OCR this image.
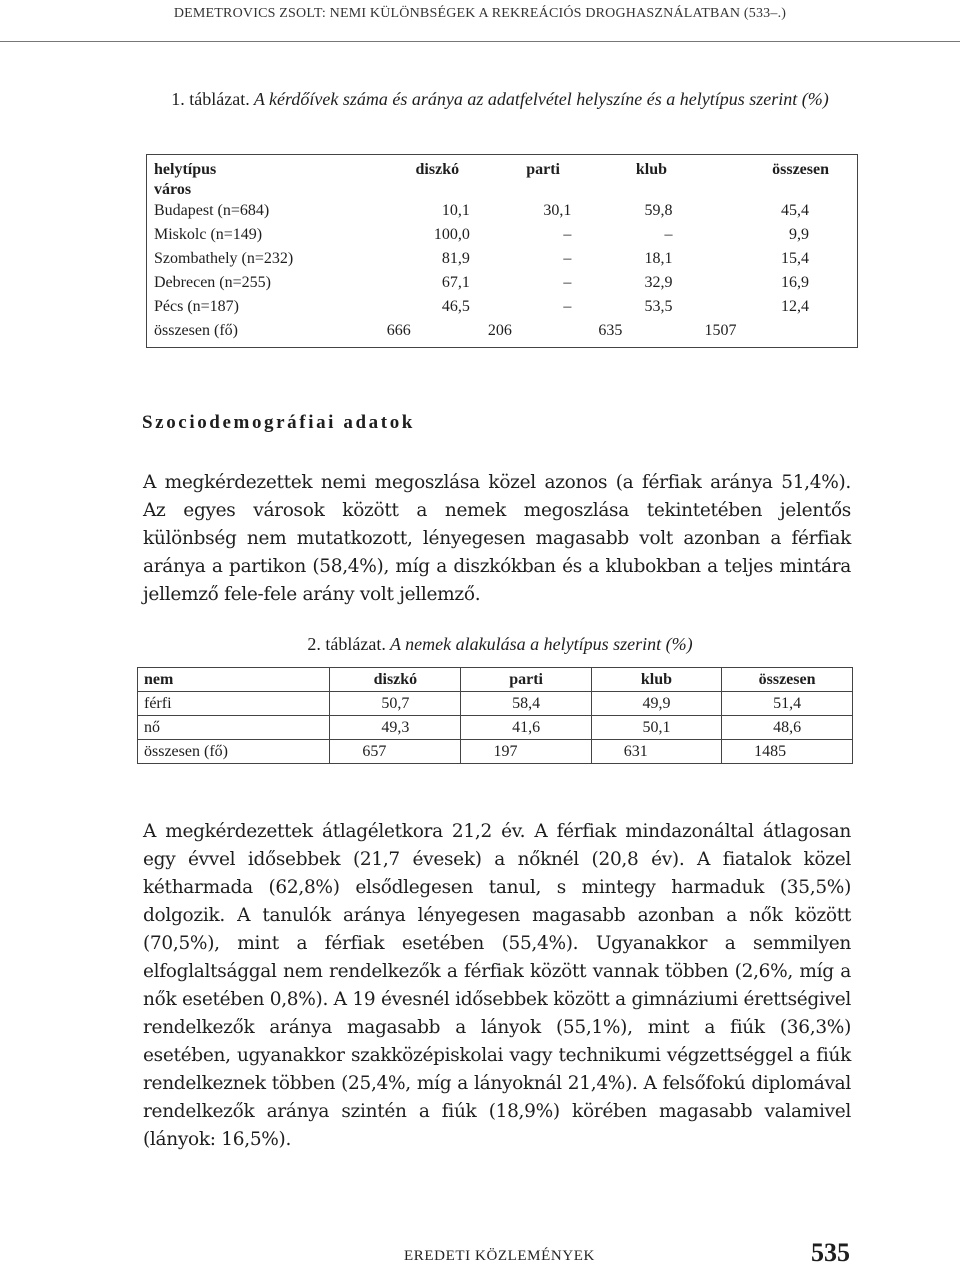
DEMETROVICS ZSOLT: NEMI KÜLÖNBSÉGEK A REKREÁCIÓS DROGHASZNÁLATBAN (533–.)
1. táblázat. A kérdőívek száma és aránya az adatfelvétel helyszíne és a helytípus szerint (%)
helytípus	diszkó	parti	klub	összesen
város				
Budapest (n=684)	10,1	30,1	59,8	45,4
Miskolc (n=149)	100,0	–	–	9,9
Szombathely (n=232)	81,9	–	18,1	15,4
Debrecen (n=255)	67,1	–	32,9	16,9
Pécs (n=187)	46,5	–	53,5	12,4
összesen (fő)	666	206	635	1507
Szociodemográfiai adatok
A megkérdezettek nemi megoszlása közel azonos (a férfiak aránya 51,4%). Az egyes városok között a nemek megoszlása tekintetében jelentős különbség nem mutatkozott, lényegesen magasabb volt azonban a férfiak aránya a partikon (58,4%), míg a diszkókban és a klubokban a teljes mintára jellemző fele-fele arány volt jellemző.
2. táblázat. A nemek alakulása a helytípus szerint (%)
nem	diszkó	parti	klub	összesen
férfi	50,7	58,4	49,9	51,4
nő	49,3	41,6	50,1	48,6
összesen (fő)	657	197	631	1485
A megkérdezettek átlagéletkora 21,2 év. A férfiak mindazonáltal átlagosan egy évvel idősebbek (21,7 évesek) a nőknél (20,8 év). A fiatalok közel kétharmada (62,8%) elsődlegesen tanul, s mintegy harmaduk (35,5%) dolgozik. A tanulók aránya lényegesen magasabb azonban a nők között (70,5%), mint a férfiak esetében (55,4%). Ugyanakkor a semmilyen elfoglaltsággal nem rendelkezők a férfiak között vannak többen (2,6%, míg a nők esetében 0,8%). A 19 évesnél idősebbek között a gimnáziumi érettségivel rendelkezők aránya magasabb a lányok (55,1%), mint a fiúk (36,3%) esetében, ugyanakkor szakközépiskolai vagy technikumi végzettséggel a fiúk rendelkeznek többen (25,4%, míg a lányoknál 21,4%). A felsőfokú diplomával rendelkezők aránya szintén a fiúk (18,9%) körében magasabb valamivel (lányok: 16,5%).
EREDETI KÖZLEMÉNYEK	535
